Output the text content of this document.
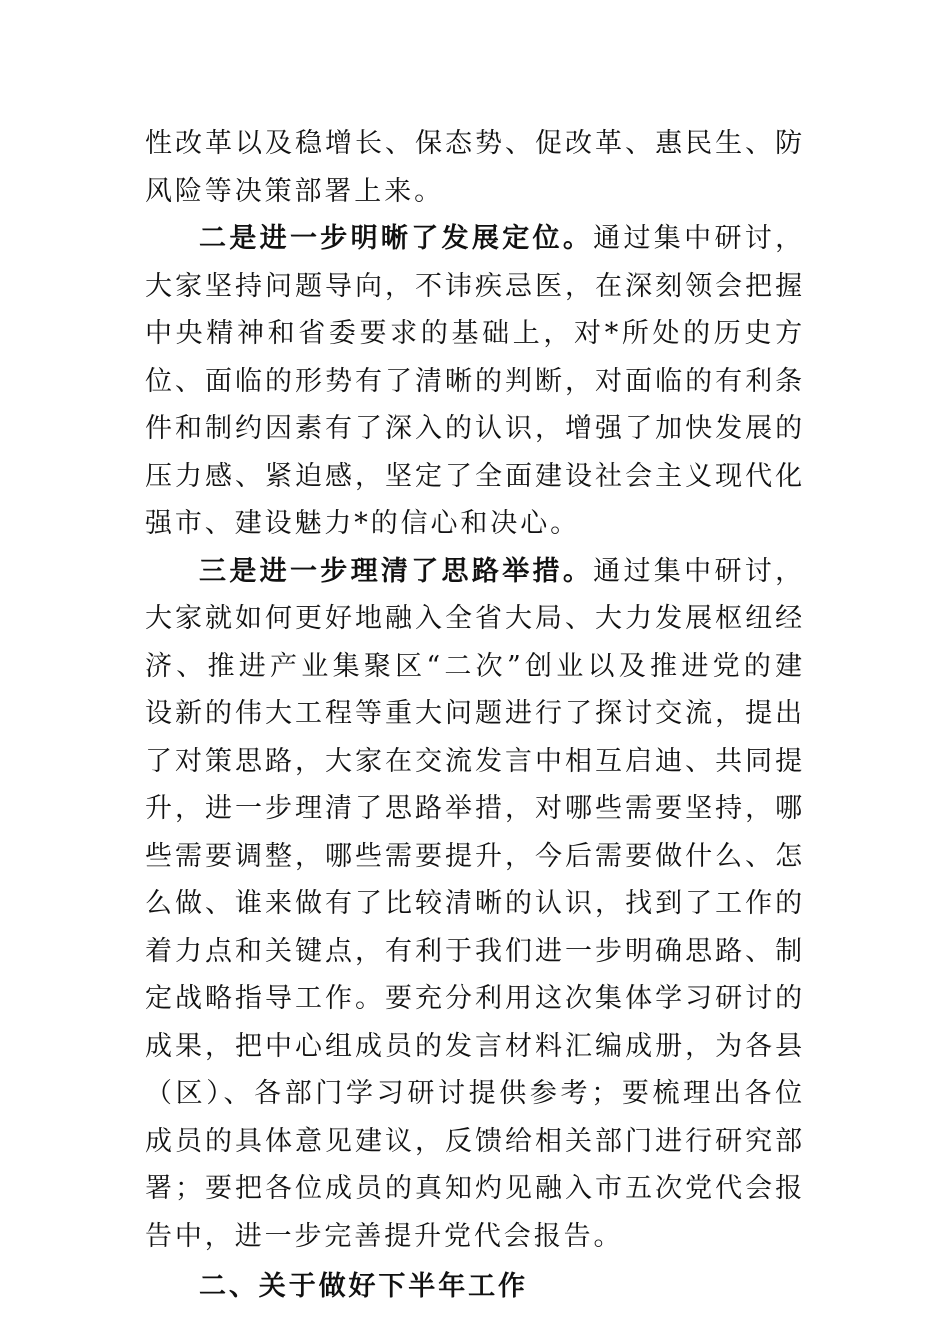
性改革以及稳增长、保态势、促改革、惠民生、防风险等决策部署上来。

二是进一步明晰了发展定位。通过集中研讨，大家坚持问题导向，不讳疾忌医，在深刻领会把握中央精神和省委要求的基础上，对*所处的历史方位、面临的形势有了清晰的判断，对面临的有利条件和制约因素有了深入的认识，增强了加快发展的压力感、紧迫感，坚定了全面建设社会主义现代化强市、建设魅力*的信心和决心。

三是进一步理清了思路举措。通过集中研讨，大家就如何更好地融入全省大局、大力发展枢纽经济、推进产业集聚区“二次”创业以及推进党的建设新的伟大工程等重大问题进行了探讨交流，提出了对策思路，大家在交流发言中相互启迪、共同提升，进一步理清了思路举措，对哪些需要坚持，哪些需要调整，哪些需要提升，今后需要做什么、怎么做、谁来做有了比较清晰的认识，找到了工作的着力点和关键点，有利于我们进一步明确思路、制定战略指导工作。要充分利用这次集体学习研讨的成果，把中心组成员的发言材料汇编成册，为各县（区）、各部门学习研讨提供参考；要梳理出各位成员的具体意见建议，反馈给相关部门进行研究部署；要把各位成员的真知灼见融入市五次党代会报告中，进一步完善提升党代会报告。

二、关于做好下半年工作
